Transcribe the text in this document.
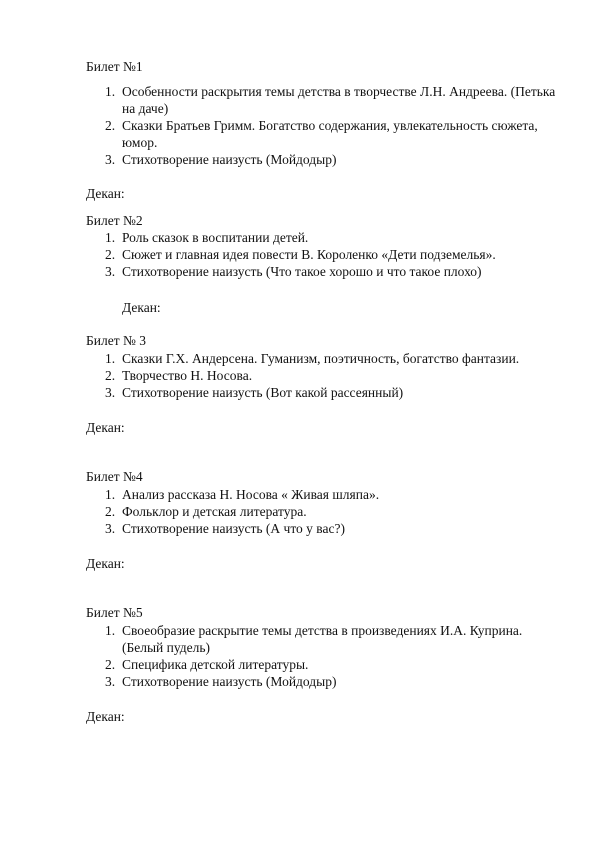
Билет №1

1. Особенности раскрытия темы детства в творчестве Л.Н. Андреева. (Петька на даче)
2. Сказки Братьев Гримм. Богатство содержания, увлекательность сюжета, юмор.
3. Стихотворение наизусть (Мойдодыр)

Декан:

Билет №2

1. Роль сказок в воспитании детей.
2. Сюжет и главная идея повести В. Короленко «Дети подземелья».
3. Стихотворение наизусть (Что такое хорошо и что такое плохо)

Декан:

Билет № 3

1. Сказки Г.Х. Андерсена. Гуманизм, поэтичность, богатство фантазии.
2. Творчество Н. Носова.
3. Стихотворение наизусть (Вот какой рассеянный)

Декан:

Билет №4

1. Анализ рассказа Н. Носова « Живая шляпа».
2. Фольклор и детская литература.
3. Стихотворение наизусть (А что у вас?)

Декан:

Билет №5

1. Своеобразие раскрытие темы детства в произведениях И.А. Куприна. (Белый пудель)
2. Специфика детской литературы.
3. Стихотворение наизусть (Мойдодыр)

Декан:
